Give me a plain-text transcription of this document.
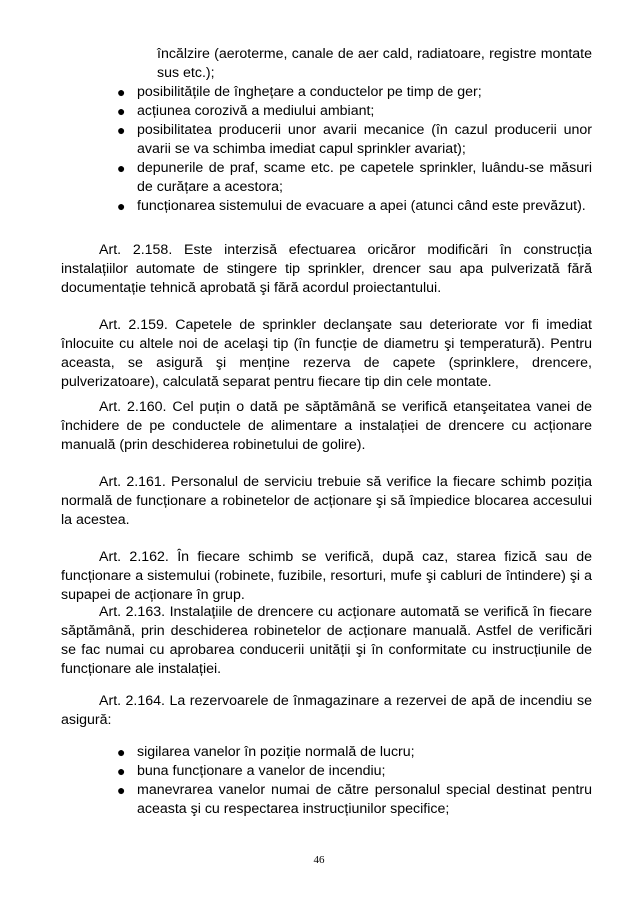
încălzire (aeroterme, canale de aer cald, radiatoare, registre montate sus etc.);
● posibilitățile de înghețare a conductelor pe timp de ger;
● acțiunea corozivă a mediului ambiant;
● posibilitatea producerii unor avarii mecanice (în cazul producerii unor avarii se va schimba imediat capul sprinkler avariat);
● depunerile de praf, scame etc. pe capetele sprinkler, luându-se măsuri de curățare a acestora;
● funcționarea sistemului de evacuare a apei (atunci când este prevăzut).
Art. 2.158. Este interzisă efectuarea oricăror modificări în construcția instalațiilor automate de stingere tip sprinkler, drencer sau apa pulverizată fără documentație tehnică aprobată şi fără acordul proiectantului.
Art. 2.159. Capetele de sprinkler declanşate sau deteriorate vor fi imediat înlocuite cu altele noi de acelaşi tip (în funcție de diametru şi temperatură). Pentru aceasta, se asigură şi menține rezerva de capete (sprinklere, drencere, pulverizatoare), calculată separat pentru fiecare tip din cele montate.
Art. 2.160. Cel puțin o dată pe săptămână se verifică etanşeitatea vanei de închidere de pe conductele de alimentare a instalației de drencere cu acționare manuală (prin deschiderea robinetului de golire).
Art. 2.161. Personalul de serviciu trebuie să verifice la fiecare schimb poziția normală de funcționare a robinetelor de acționare şi să împiedice blocarea accesului la acestea.
Art. 2.162. În fiecare schimb se verifică, după caz, starea fizică sau de funcționare a sistemului (robinete, fuzibile, resorturi, mufe şi cabluri de întindere) şi a supapei de acționare în grup.
Art. 2.163. Instalațiile de drencere cu acționare automată se verifică în fiecare săptămână, prin deschiderea robinetelor de acționare manuală. Astfel de verificări se fac numai cu aprobarea conducerii unității şi în conformitate cu instrucțiunile de funcționare ale instalației.
Art. 2.164. La rezervoarele de înmagazinare a rezervei de apă de incendiu se asigură:
● sigilarea vanelor în poziție normală de lucru;
● buna funcționare a vanelor de incendiu;
● manevrarea vanelor numai de către personalul special destinat pentru aceasta şi cu respectarea instrucțiunilor specifice;
46
